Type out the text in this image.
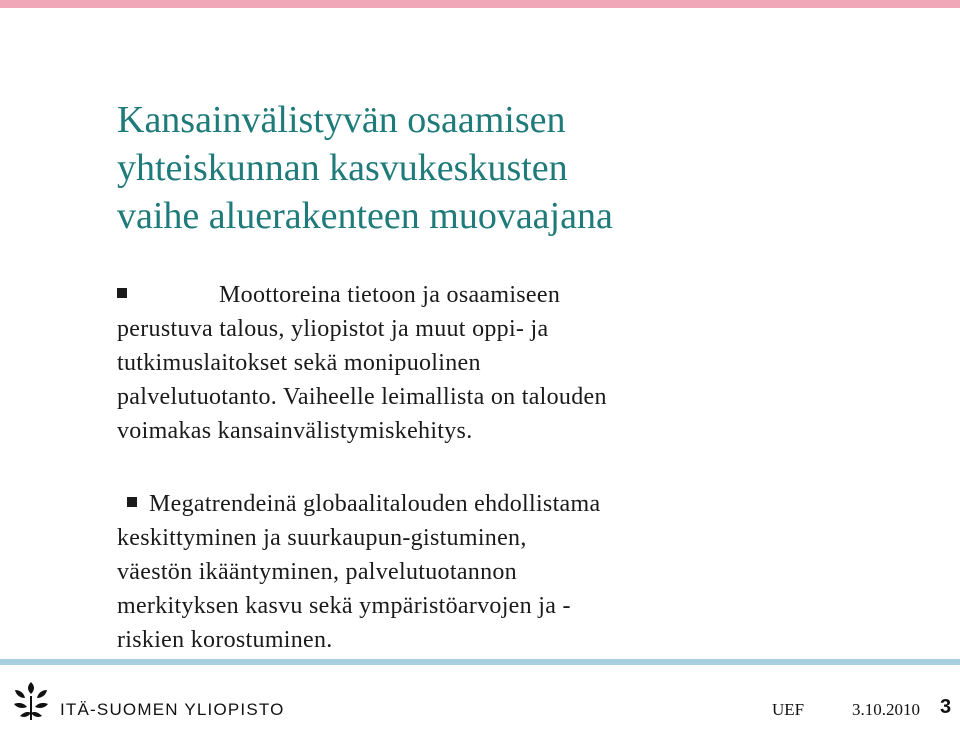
Kansainvälistyvän osaamisen
yhteiskunnan kasvukeskusten
vaihe aluerakenteen muovaajana
Moottoreina tietoon ja osaamiseen
perustuva talous, yliopistot ja muut oppi- ja
tutkimuslaitokset sekä monipuolinen
palvelutuotanto. Vaiheelle leimallista on talouden
voimakas kansainvälistymiskehitys.
Megatrendeinä globaalitalouden ehdollistama
keskittyminen ja suurkaupun-gistuminen,
väestön ikääntyminen, palvelutuotannon
merkityksen kasvu sekä ympäristöarvojen ja -
riskien korostuminen.
ITÄ-SUOMEN YLIOPISTO	UEF	3.10.2010 3
